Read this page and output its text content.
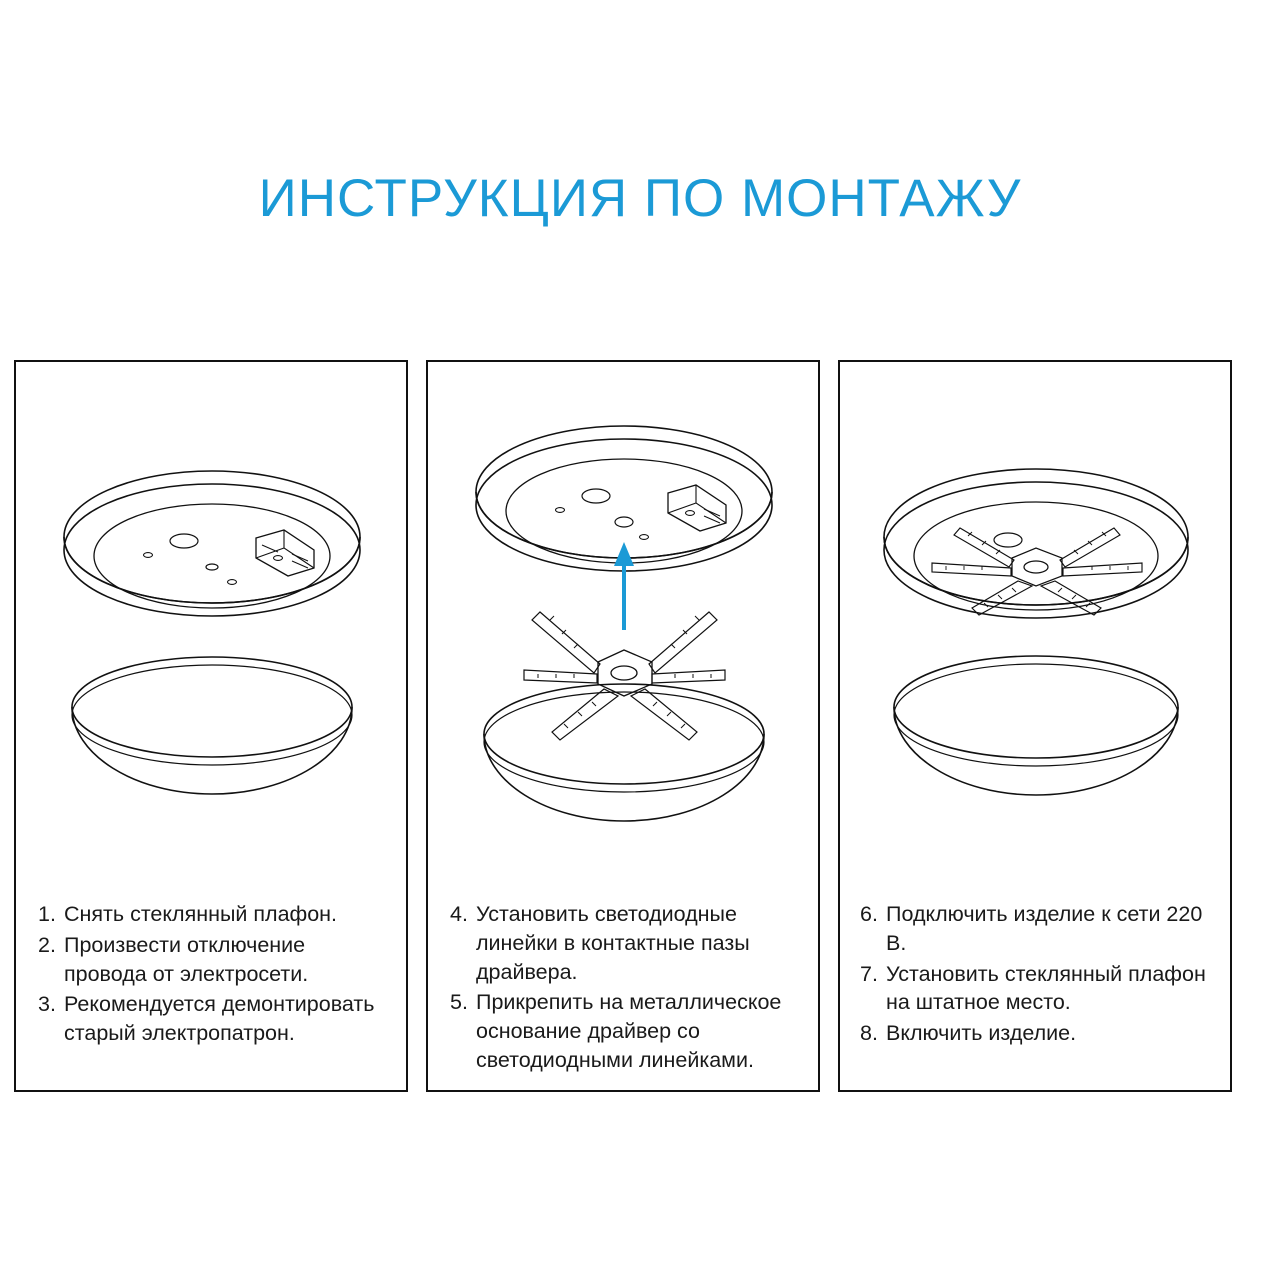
ИНСТРУКЦИЯ ПО МОНТАЖУ
1. Снять стеклянный плафон.
2. Произвести отключение провода от электросети.
3. Рекомендуется демонтировать старый электропатрон.
4. Установить светодиодные линейки в контактные пазы драйвера.
5. Прикрепить на металлическое основание драйвер со светодиодными линейками.
6. Подключить изделие к сети 220 В.
7. Установить стеклянный плафон на штатное место.
8. Включить изделие.
